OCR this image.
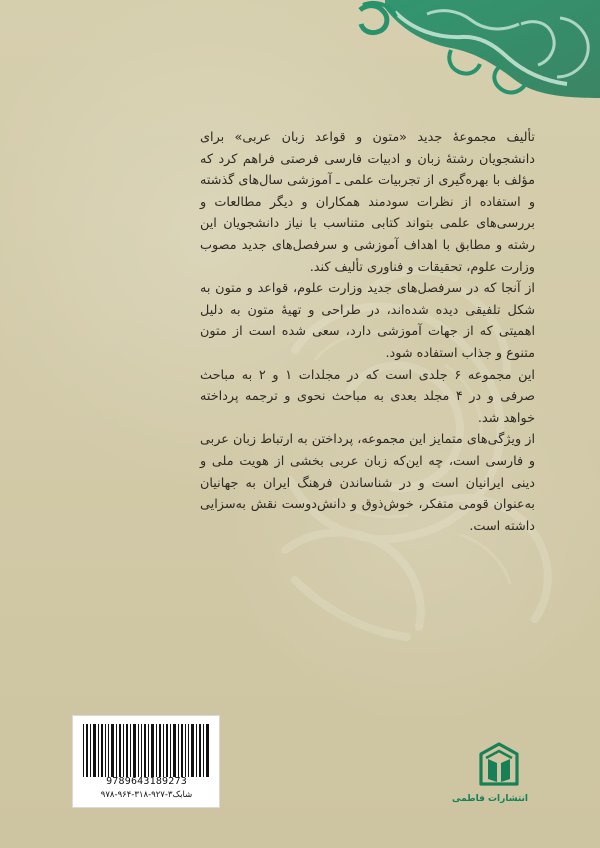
تألیف مجموعهٔ جدید «متون و قواعد زبان عربی» برای دانشجویان رشتهٔ زبان و ادبیات فارسی فرصتی فراهم کرد که مؤلف با بهره‌گیری از تجربیات علمی ـ آموزشی سال‌های گذشته و استفاده از نظرات سودمند همکاران و دیگر مطالعات و بررسی‌های علمی بتواند کتابی متناسب با نیاز دانشجویان این رشته و مطابق با اهداف آموزشی و سرفصل‌های جدید مصوب وزارت علوم، تحقیقات و فناوری تألیف کند.

از آنجا که در سرفصل‌های جدید وزارت علوم، قواعد و متون به شکل تلفیقی دیده شده‌اند، در طراحی و تهیهٔ متون به دلیل اهمیتی که از جهات آموزشی دارد، سعی شده است از متون متنوع و جذاب استفاده شود.

این مجموعه ۶ جلدی است که در مجلدات ۱ و ۲ به مباحث صرفی و در ۴ مجلد بعدی به مباحث نحوی و ترجمه پرداخته خواهد شد.

از ویژگی‌های متمایز این مجموعه، پرداختن به ارتباط زبان عربی و فارسی است، چه این‌که زبان عربی بخشی از هویت ملی و دینی ایرانیان است و در شناساندن فرهنگ ایران به جهانیان به‌عنوان قومی متفکر، خوش‌ذوق و دانش‌دوست نقش به‌سزایی داشته است.

9789643189273
شابک۳-۹۲۷-۳۱۸-۹۶۴-۹۷۸	انتشارات فاطمی
